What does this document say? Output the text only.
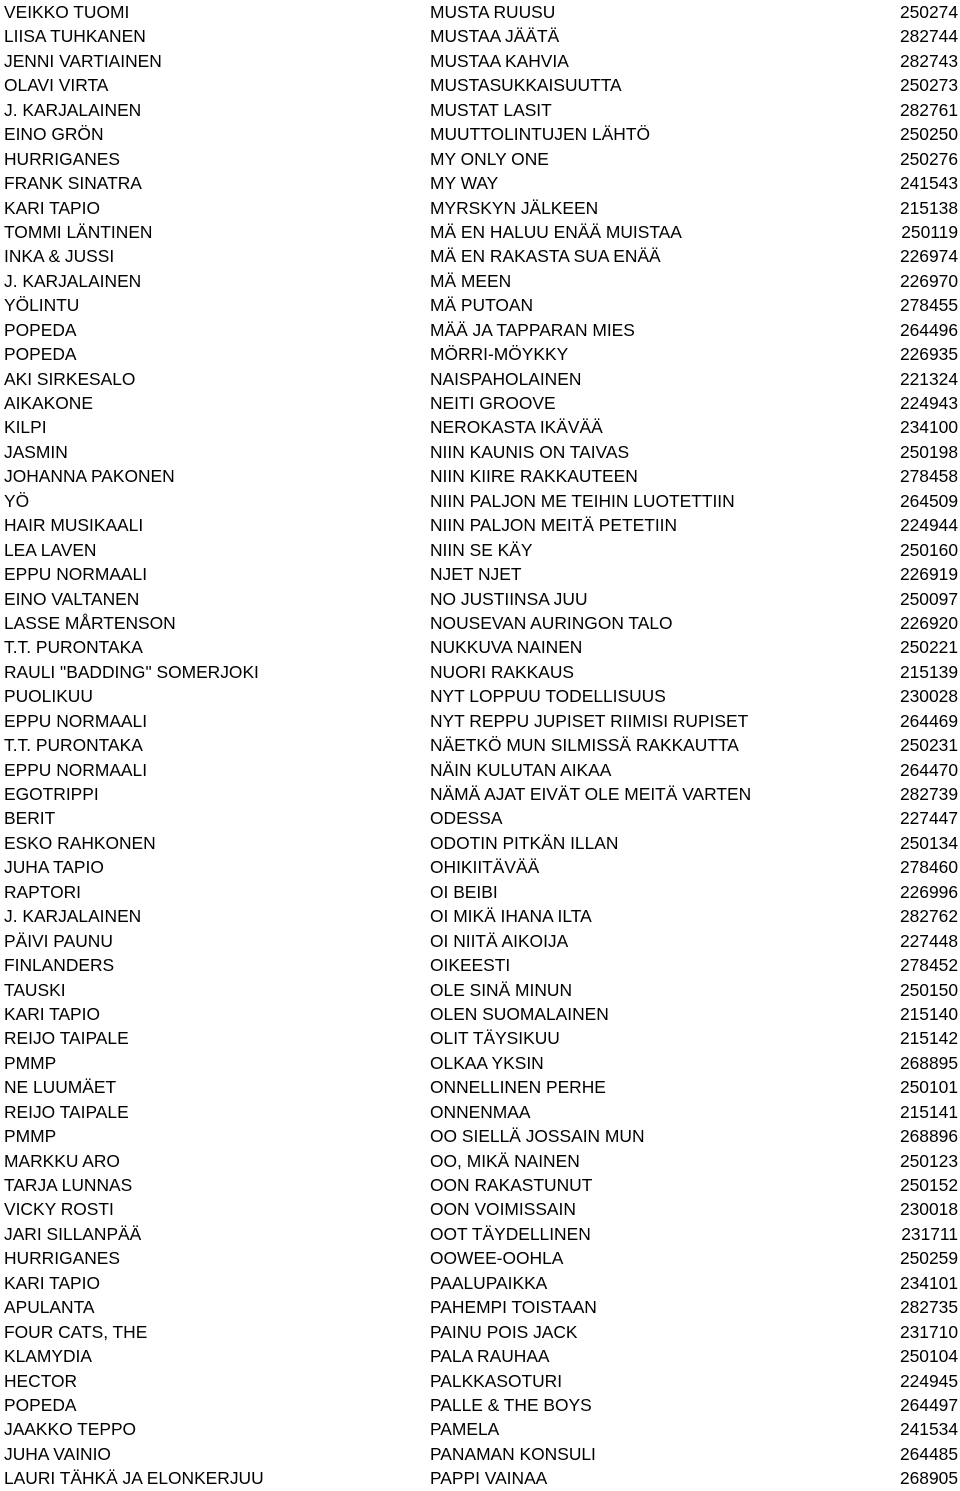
VEIKKO TUOMI	MUSTA RUUSU	250274
LIISA TUHKANEN	MUSTAA JÄÄTÄ	282744
JENNI VARTIAINEN	MUSTAA KAHVIA	282743
OLAVI VIRTA	MUSTASUKKAISUUTTA	250273
J. KARJALAINEN	MUSTAT LASIT	282761
EINO GRÖN	MUUTTOLINTUJEN LÄHTÖ	250250
HURRIGANES	MY ONLY ONE	250276
FRANK SINATRA	MY WAY	241543
KARI TAPIO	MYRSKYN JÄLKEEN	215138
TOMMI LÄNTINEN	MÄ EN HALUU ENÄÄ MUISTAA	250119
INKA & JUSSI	MÄ EN RAKASTA SUA ENÄÄ	226974
J. KARJALAINEN	MÄ MEEN	226970
YÖLINTU	MÄ PUTOAN	278455
POPEDA	MÄÄ JA TAPPARAN MIES	264496
POPEDA	MÖRRI-MÖYKKY	226935
AKI SIRKESALO	NAISPAHOLAINEN	221324
AIKAKONE	NEITI GROOVE	224943
KILPI	NEROKASTA IKÄVÄÄ	234100
JASMIN	NIIN KAUNIS ON TAIVAS	250198
JOHANNA PAKONEN	NIIN KIIRE RAKKAUTEEN	278458
YÖ	NIIN PALJON ME TEIHIN LUOTETTIIN	264509
HAIR MUSIKAALI	NIIN PALJON MEITÄ PETETIIN	224944
LEA LAVEN	NIIN SE KÄY	250160
EPPU NORMAALI	NJET NJET	226919
EINO VALTANEN	NO JUSTIINSA JUU	250097
LASSE MÅRTENSON	NOUSEVAN AURINGON TALO	226920
T.T. PURONTAKA	NUKKUVA NAINEN	250221
RAULI "BADDING" SOMERJOKI	NUORI RAKKAUS	215139
PUOLIKUU	NYT LOPPUU TODELLISUUS	230028
EPPU NORMAALI	NYT REPPU JUPISET RIIMISI RUPISET	264469
T.T. PURONTAKA	NÄETKÖ MUN SILMISSÄ RAKKAUTTA	250231
EPPU NORMAALI	NÄIN KULUTAN AIKAA	264470
EGOTRIPPI	NÄMÄ AJAT EIVÄT OLE MEITÄ VARTEN	282739
BERIT	ODESSA	227447
ESKO RAHKONEN	ODOTIN PITKÄN ILLAN	250134
JUHA TAPIO	OHIKIITÄVÄÄ	278460
RAPTORI	OI BEIBI	226996
J. KARJALAINEN	OI MIKÄ IHANA ILTA	282762
PÄIVI PAUNU	OI NIITÄ AIKOIJA	227448
FINLANDERS	OIKEESTI	278452
TAUSKI	OLE SINÄ MINUN	250150
KARI TAPIO	OLEN SUOMALAINEN	215140
REIJO TAIPALE	OLIT TÄYSIKUU	215142
PMMP	OLKAA YKSIN	268895
NE LUUMÄET	ONNELLINEN PERHE	250101
REIJO TAIPALE	ONNENMAA	215141
PMMP	OO SIELLÄ JOSSAIN MUN	268896
MARKKU ARO	OO, MIKÄ NAINEN	250123
TARJA LUNNAS	OON RAKASTUNUT	250152
VICKY ROSTI	OON VOIMISSAIN	230018
JARI SILLANPÄÄ	OOT TÄYDELLINEN	231711
HURRIGANES	OOWEE-OOHLA	250259
KARI TAPIO	PAALUPAIKKA	234101
APULANTA	PAHEMPI TOISTAAN	282735
FOUR CATS, THE	PAINU POIS JACK	231710
KLAMYDIA	PALA RAUHAA	250104
HECTOR	PALKKASOTURI	224945
POPEDA	PALLE & THE BOYS	264497
JAAKKO TEPPO	PAMELA	241534
JUHA VAINIO	PANAMAN KONSULI	264485
LAURI TÄHKÄ JA ELONKERJUU	PAPPI VAINAA	268905
